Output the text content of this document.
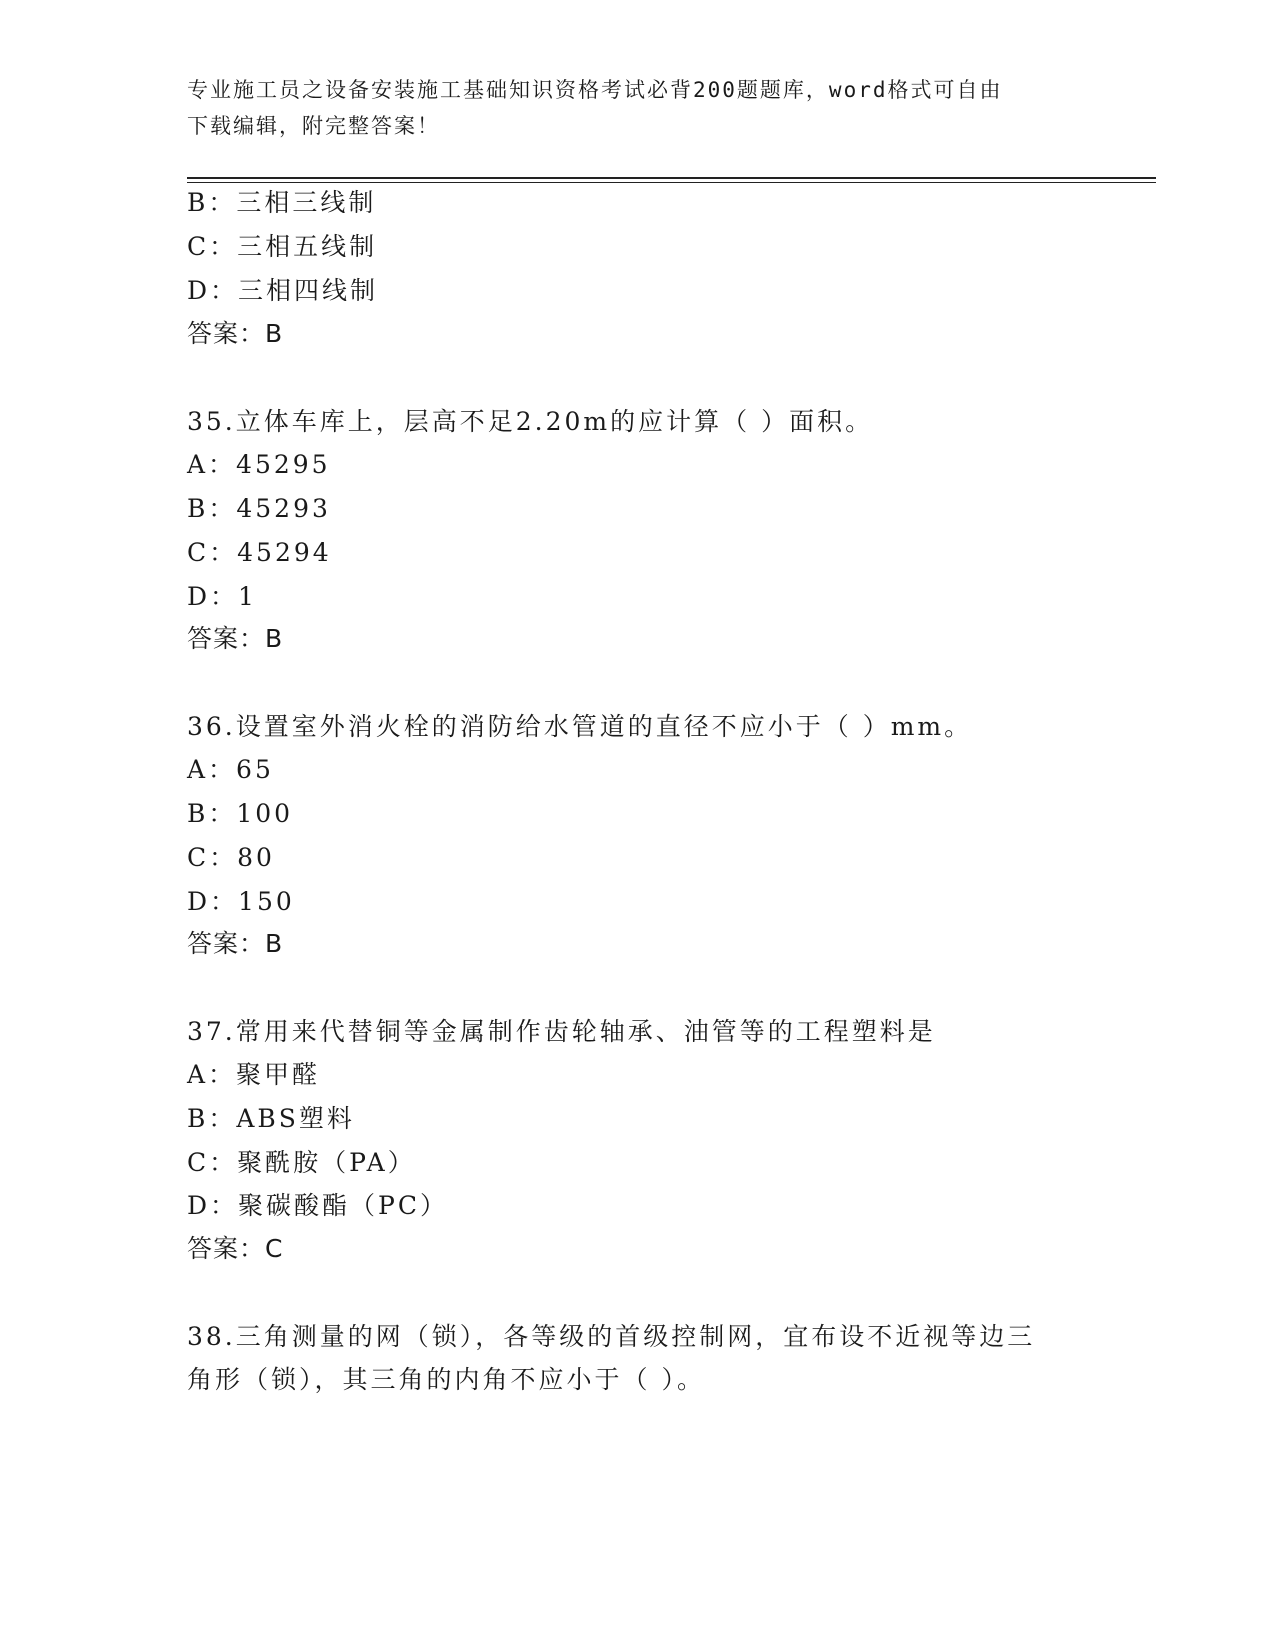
专业施工员之设备安装施工基础知识资格考试必背200题题库，word格式可自由
下载编辑，附完整答案！
B：三相三线制
C：三相五线制
D：三相四线制
答案：B
35.立体车库上，层高不足2.20m的应计算（ ）面积。
A：45295
B：45293
C：45294
D：1
答案：B
36.设置室外消火栓的消防给水管道的直径不应小于（ ）mm。
A：65
B：100
C：80
D：150
答案：B
37.常用来代替铜等金属制作齿轮轴承、油管等的工程塑料是
A：聚甲醛
B：ABS塑料
C：聚酰胺（PA）
D：聚碳酸酯（PC）
答案：C
38.三角测量的网（锁），各等级的首级控制网，宜布设不近视等边三
角形（锁），其三角的内角不应小于（ ）。
